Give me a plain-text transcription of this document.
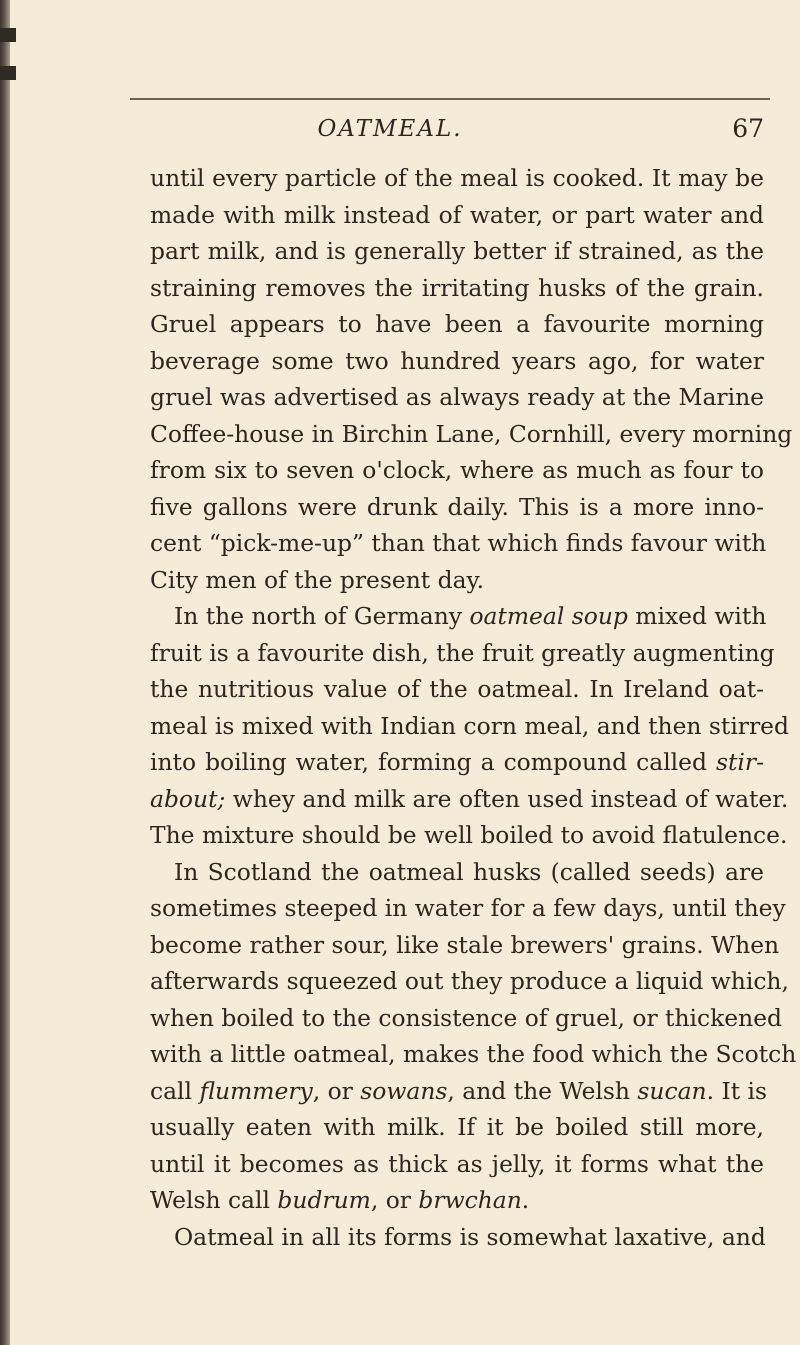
OATMEAL.	67
until every particle of the meal is cooked. It may be
made with milk instead of water, or part water and
part milk, and is generally better if strained, as the
straining removes the irritating husks of the grain.
Gruel appears to have been a favourite morning
beverage some two hundred years ago, for water
gruel was advertised as always ready at the Marine
Coffee-house in Birchin Lane, Cornhill, every morning
from six to seven o'clock, where as much as four to
five gallons were drunk daily. This is a more inno-
cent “pick-me-up” than that which finds favour with
City men of the present day.
In the north of Germany oatmeal soup mixed with
fruit is a favourite dish, the fruit greatly augmenting
the nutritious value of the oatmeal. In Ireland oat-
meal is mixed with Indian corn meal, and then stirred
into boiling water, forming a compound called stir-
about; whey and milk are often used instead of water.
The mixture should be well boiled to avoid flatulence.
In Scotland the oatmeal husks (called seeds) are
sometimes steeped in water for a few days, until they
become rather sour, like stale brewers' grains. When
afterwards squeezed out they produce a liquid which,
when boiled to the consistence of gruel, or thickened
with a little oatmeal, makes the food which the Scotch
call flummery, or sowans, and the Welsh sucan. It is
usually eaten with milk. If it be boiled still more,
until it becomes as thick as jelly, it forms what the
Welsh call budrum, or brwchan.
Oatmeal in all its forms is somewhat laxative, and
